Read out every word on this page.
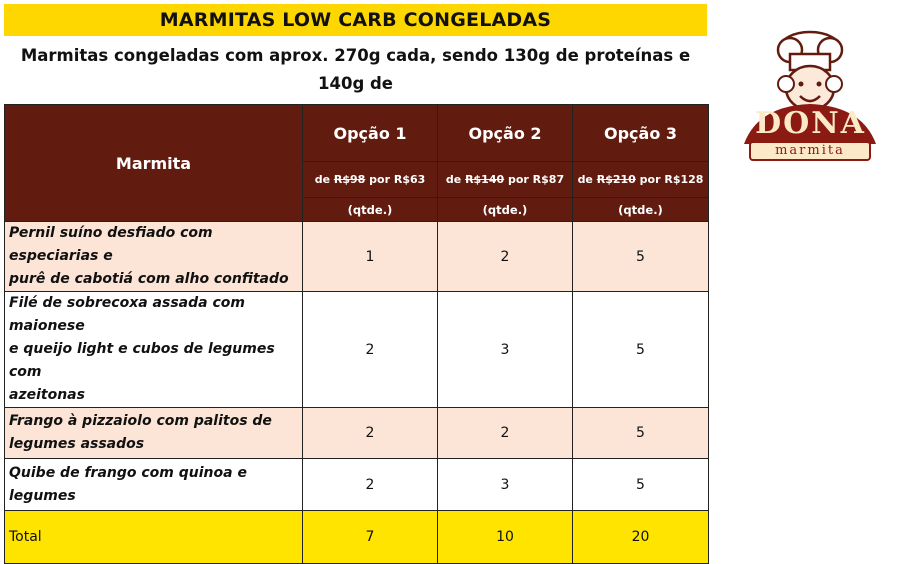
MARMITAS LOW CARB CONGELADAS
Marmitas congeladas com aprox. 270g cada, sendo 130g de proteínas e 140g de
Marmita	Opção 1	Opção 2	Opção 3
	de R$98 por R$63	de R$140 por R$87	de R$210 por R$128
	(qtde.)	(qtde.)	(qtde.)

Pernil suíno desfiado com especiarias e
purê de cabotiá com alho confitado	1	2	5

Filé de sobrecoxa assada com maionese
e queijo light e cubos de legumes com
azeitonas	2	3	5

Frango à pizzaiolo com palitos de
legumes assados	2	2	5

Quibe de frango com quinoa e legumes	2	3	5
Total	7	10	20
DONA
marmita
